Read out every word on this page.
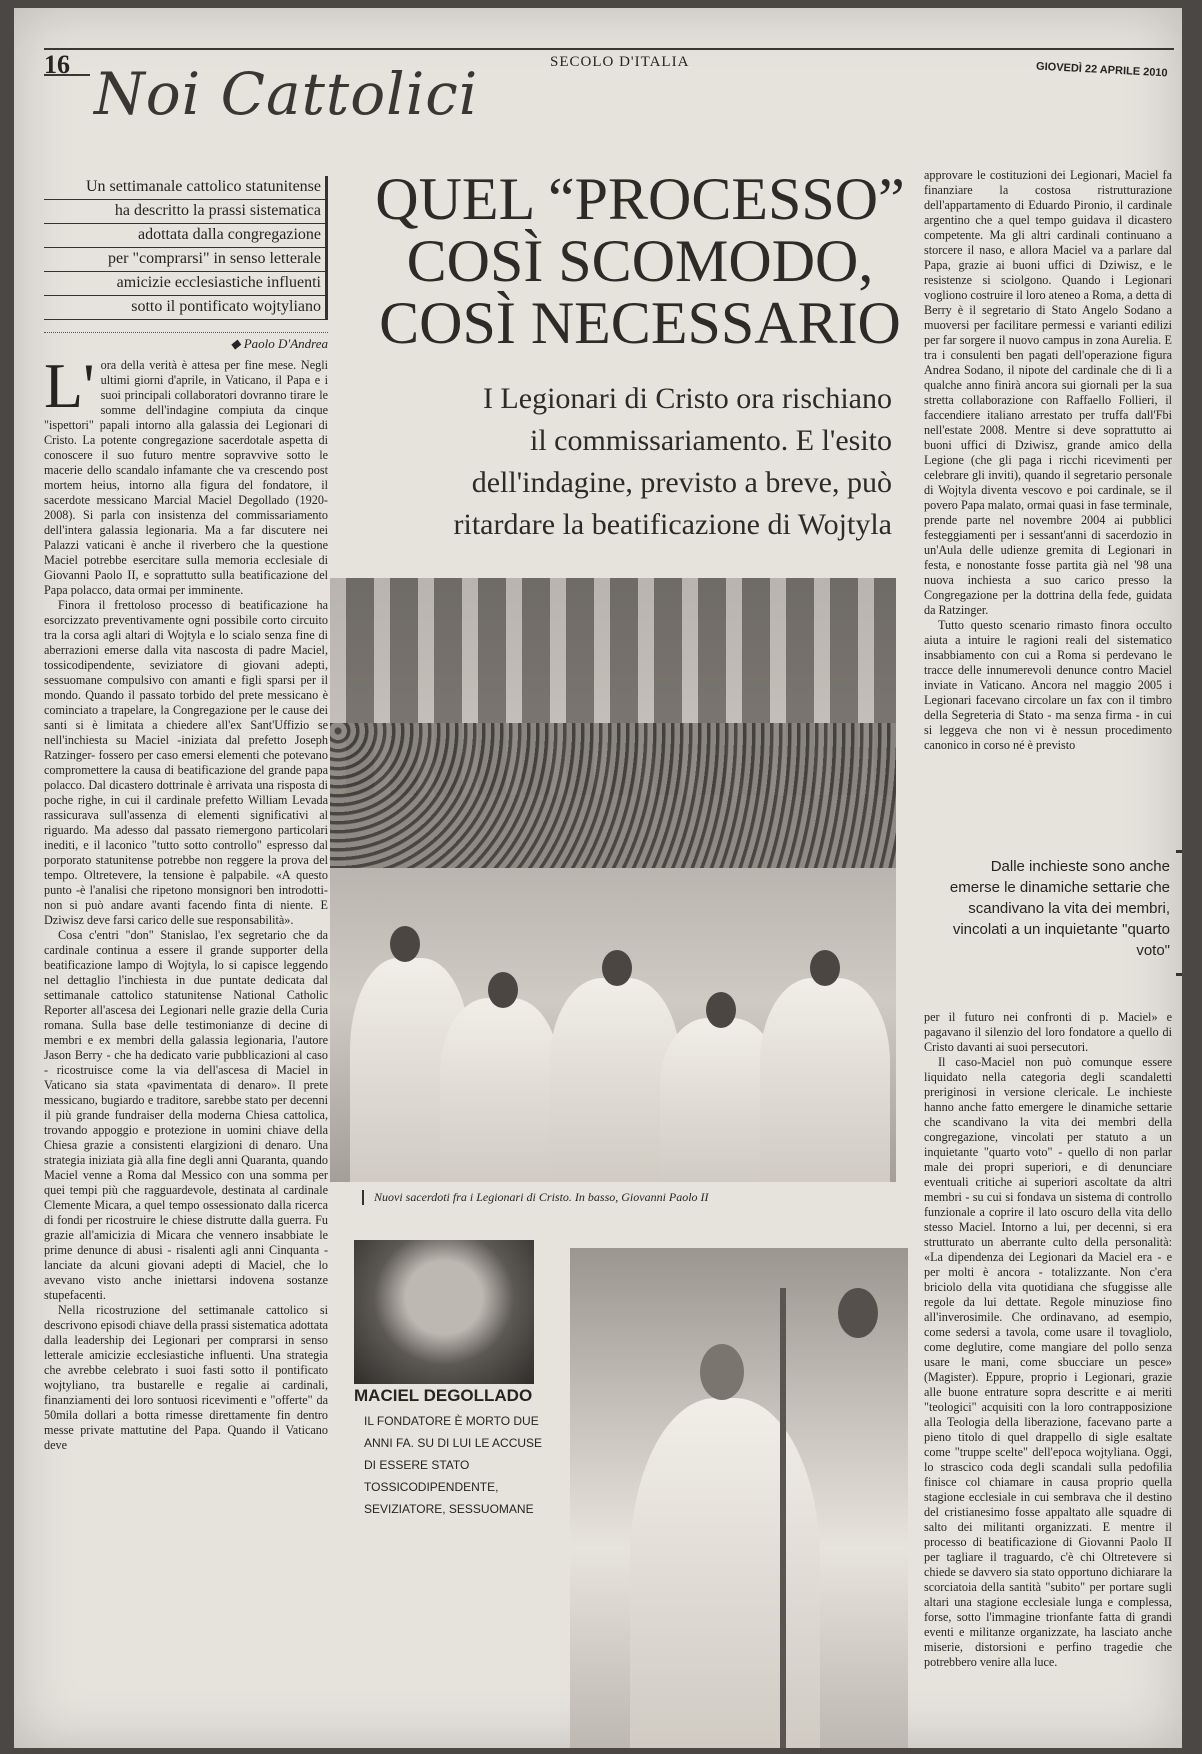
16 Noi Cattolici	SECOLO D'ITALIA	GIOVEDÌ 22 APRILE 2010
Un settimanale cattolico statunitense
ha descritto la prassi sistematica
adottata dalla congregazione
per "comprarsi" in senso letterale
amicizie ecclesiastiche influenti
sotto il pontificato wojtyliano
◆ Paolo D'Andrea
L' ora della verità è attesa per fine mese. Negli ultimi giorni d'aprile, in Vaticano, il Papa e i suoi principali collaboratori dovranno tirare le somme dell'indagine compiuta da cinque "ispettori" papali intorno alla galassia dei Legionari di Cristo. La potente congregazione sacerdotale aspetta di conoscere il suo futuro mentre sopravvive sotto le macerie dello scandalo infamante che va crescendo post mortem heius, intorno alla figura del fondatore, il sacerdote messicano Marcial Maciel Degollado (1920-2008). Si parla con insistenza del commissariamento dell'intera galassia legionaria. Ma a far discutere nei Palazzi vaticani è anche il riverbero che la questione Maciel potrebbe esercitare sulla memoria ecclesiale di Giovanni Paolo II, e soprattutto sulla beatificazione del Papa polacco, data ormai per imminente.

Finora il frettoloso processo di beatificazione ha esorcizzato preventivamente ogni possibile corto circuito tra la corsa agli altari di Wojtyla e lo scialo senza fine di aberrazioni emerse dalla vita nascosta di padre Maciel, tossicodipendente, seviziatore di giovani adepti, sessuomane compulsivo con amanti e figli sparsi per il mondo. Quando il passato torbido del prete messicano è cominciato a trapelare, la Congregazione per le cause dei santi si è limitata a chiedere all'ex Sant'Uffizio se nell'inchiesta su Maciel -iniziata dal prefetto Joseph Ratzinger- fossero per caso emersi elementi che potevano compromettere la causa di beatificazione del grande papa polacco. Dal dicastero dottrinale è arrivata una risposta di poche righe, in cui il cardinale prefetto William Levada rassicurava sull'assenza di elementi significativi al riguardo. Ma adesso dal passato riemergono particolari inediti, e il laconico "tutto sotto controllo" espresso dal porporato statunitense potrebbe non reggere la prova del tempo. Oltretevere, la tensione è palpabile. «A questo punto -è l'analisi che ripetono monsignori ben introdotti- non si può andare avanti facendo finta di niente. E Dziwisz deve farsi carico delle sue responsabilità».

Cosa c'entri "don" Stanislao, l'ex segretario che da cardinale continua a essere il grande supporter della beatificazione lampo di Wojtyla, lo si capisce leggendo nel dettaglio l'inchiesta in due puntate dedicata dal settimanale cattolico statunitense National Catholic Reporter all'ascesa dei Legionari nelle grazie della Curia romana. Sulla base delle testimonianze di decine di membri e ex membri della galassia legionaria, l'autore Jason Berry - che ha dedicato varie pubblicazioni al caso - ricostruisce come la via dell'ascesa di Maciel in Vaticano sia stata «pavimentata di denaro». Il prete messicano, bugiardo e traditore, sarebbe stato per decenni il più grande fundraiser della moderna Chiesa cattolica, trovando appoggio e protezione in uomini chiave della Chiesa grazie a consistenti elargizioni di denaro. Una strategia iniziata già alla fine degli anni Quaranta, quando Maciel venne a Roma dal Messico con una somma per quei tempi più che ragguardevole, destinata al cardinale Clemente Micara, a quel tempo ossessionato dalla ricerca di fondi per ricostruire le chiese distrutte dalla guerra. Fu grazie all'amicizia di Micara che vennero insabbiate le prime denunce di abusi - risalenti agli anni Cinquanta - lanciate da alcuni giovani adepti di Maciel, che lo avevano visto anche iniettarsi indovena sostanze stupefacenti.

Nella ricostruzione del settimanale cattolico si descrivono episodi chiave della prassi sistematica adottata dalla leadership dei Legionari per comprarsi in senso letterale amicizie ecclesiastiche influenti. Una strategia che avrebbe celebrato i suoi fasti sotto il pontificato wojtyliano, tra bustarelle e regalie ai cardinali, finanziamenti dei loro sontuosi ricevimenti e "offerte" da 50mila dollari a botta rimesse direttamente fin dentro messe private mattutine del Papa. Quando il Vaticano deve

QUEL “PROCESSO”
COSÌ SCOMODO,
COSÌ NECESSARIO
I Legionari di Cristo ora rischiano
il commissariamento. E l'esito
dell'indagine, previsto a breve, può
ritardare la beatificazione di Wojtyla
Nuovi sacerdoti fra i Legionari di Cristo. In basso, Giovanni Paolo II
MACIEL DEGOLLADO
IL FONDATORE È MORTO DUE ANNI FA. SU DI LUI LE ACCUSE DI ESSERE STATO TOSSICODIPENDENTE, SEVIZIATORE, SESSUOMANE

approvare le costituzioni dei Legionari, Maciel fa finanziare la costosa ristrutturazione dell'appartamento di Eduardo Pironio, il cardinale argentino che a quel tempo guidava il dicastero competente. Ma gli altri cardinali continuano a storcere il naso, e allora Maciel va a parlare dal Papa, grazie ai buoni uffici di Dziwisz, e le resistenze si sciolgono. Quando i Legionari vogliono costruire il loro ateneo a Roma, a detta di Berry è il segretario di Stato Angelo Sodano a muoversi per facilitare permessi e varianti edilizi per far sorgere il nuovo campus in zona Aurelia. E tra i consulenti ben pagati dell'operazione figura Andrea Sodano, il nipote del cardinale che di lì a qualche anno finirà ancora sui giornali per la sua stretta collaborazione con Raffaello Follieri, il faccendiere italiano arrestato per truffa dall'Fbi nell'estate 2008. Mentre si deve soprattutto ai buoni uffici di Dziwisz, grande amico della Legione (che gli paga i ricchi ricevimenti per celebrare gli inviti), quando il segretario personale di Wojtyla diventa vescovo e poi cardinale, se il povero Papa malato, ormai quasi in fase terminale, prende parte nel novembre 2004 ai pubblici festeggiamenti per i sessant'anni di sacerdozio in un'Aula delle udienze gremita di Legionari in festa, e nonostante fosse partita già nel '98 una nuova inchiesta a suo carico presso la Congregazione per la dottrina della fede, guidata da Ratzinger.

Tutto questo scenario rimasto finora occulto aiuta a intuire le ragioni reali del sistematico insabbiamento con cui a Roma si perdevano le tracce delle innumerevoli denunce contro Maciel inviate in Vaticano. Ancora nel maggio 2005 i Legionari facevano circolare un fax con il timbro della Segreteria di Stato - ma senza firma - in cui si leggeva che non vi è nessun procedimento canonico in corso né è previsto

Dalle inchieste sono anche emerse le dinamiche settarie che scandivano la vita dei membri, vincolati a un inquietante "quarto voto"

per il futuro nei confronti di p. Maciel» e pagavano il silenzio del loro fondatore a quello di Cristo davanti ai suoi persecutori.

Il caso-Maciel non può comunque essere liquidato nella categoria degli scandaletti preriginosi in versione clericale. Le inchieste hanno anche fatto emergere le dinamiche settarie che scandivano la vita dei membri della congregazione, vincolati per statuto a un inquietante "quarto voto" - quello di non parlar male dei propri superiori, e di denunciare eventuali critiche ai superiori ascoltate da altri membri - su cui si fondava un sistema di controllo funzionale a coprire il lato oscuro della vita dello stesso Maciel. Intorno a lui, per decenni, si era strutturato un aberrante culto della personalità: «La dipendenza dei Legionari da Maciel era - e per molti è ancora - totalizzante. Non c'era briciolo della vita quotidiana che sfuggisse alle regole da lui dettate. Regole minuziose fino all'inverosimile. Che ordinavano, ad esempio, come sedersi a tavola, come usare il tovagliolo, come deglutire, come mangiare del pollo senza usare le mani, come sbucciare un pesce» (Magister). Eppure, proprio i Legionari, grazie alle buone entrature sopra descritte e ai meriti "teologici" acquisiti con la loro contrapposizione alla Teologia della liberazione, facevano parte a pieno titolo di quel drappello di sigle esaltate come "truppe scelte" dell'epoca wojtyliana. Oggi, lo strascico coda degli scandali sulla pedofilia finisce col chiamare in causa proprio quella stagione ecclesiale in cui sembrava che il destino del cristianesimo fosse appaltato alle squadre di salto dei militanti organizzati. E mentre il processo di beatificazione di Giovanni Paolo II per tagliare il traguardo, c'è chi Oltretevere si chiede se davvero sia stato opportuno dichiarare la scorciatoia della santità "subito" per portare sugli altari una stagione ecclesiale lunga e complessa, forse, sotto l'immagine trionfante fatta di grandi eventi e militanze organizzate, ha lasciato anche miserie, distorsioni e perfino tragedie che potrebbero venire alla luce.
